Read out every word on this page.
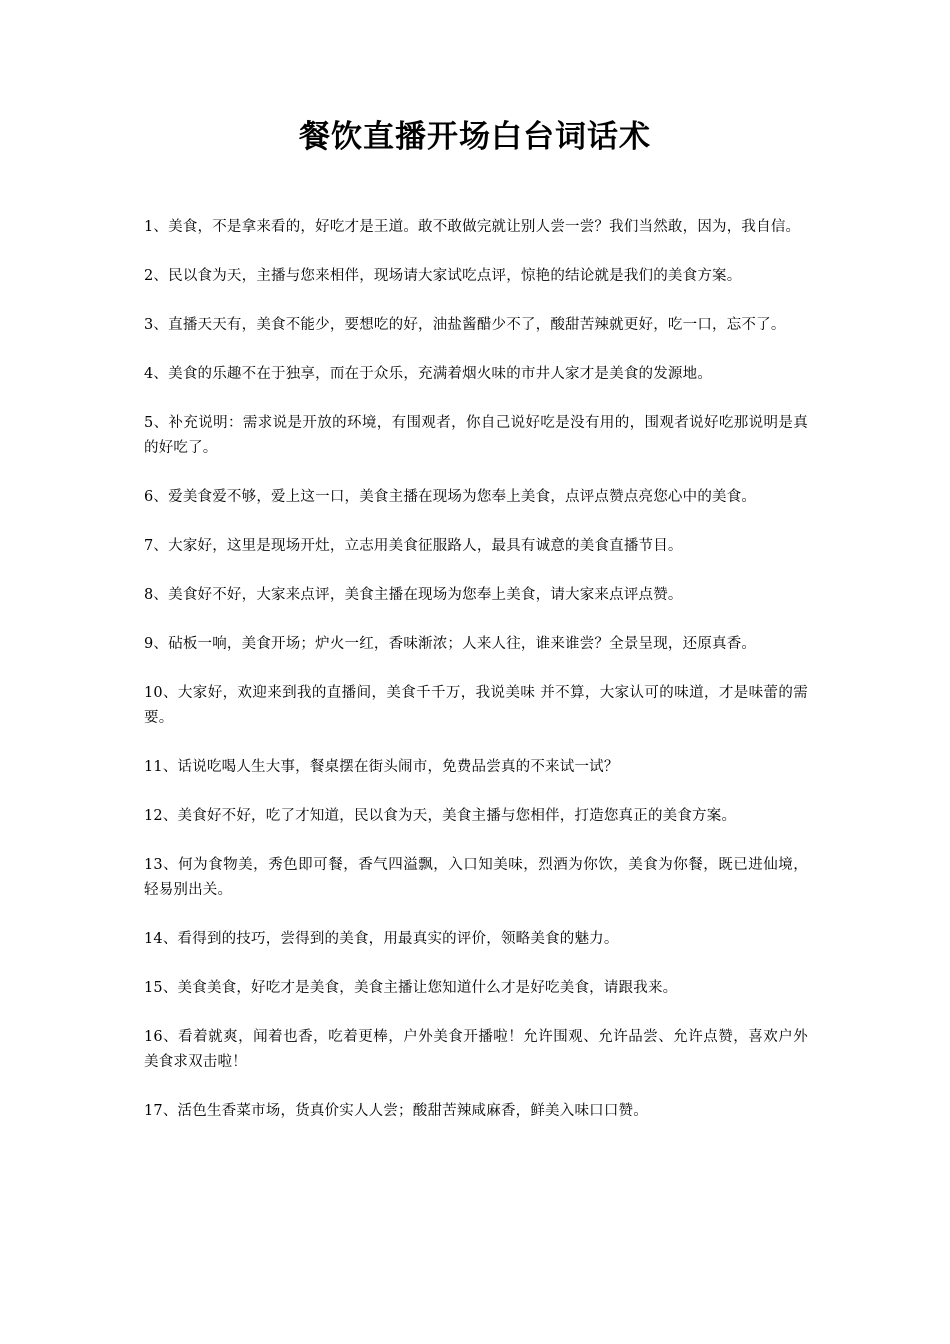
餐饮直播开场白台词话术
1、美食，不是拿来看的，好吃才是王道。敢不敢做完就让别人尝一尝？我们当然敢，因为，我自信。
2、民以食为天，主播与您来相伴，现场请大家试吃点评，惊艳的结论就是我们的美食方案。
3、直播天天有，美食不能少，要想吃的好，油盐酱醋少不了，酸甜苦辣就更好，吃一口，忘不了。
4、美食的乐趣不在于独享，而在于众乐，充满着烟火味的市井人家才是美食的发源地。
5、补充说明：需求说是开放的环境，有围观者，你自己说好吃是没有用的，围观者说好吃那说明是真的好吃了。
6、爱美食爱不够，爱上这一口，美食主播在现场为您奉上美食，点评点赞点亮您心中的美食。
7、大家好，这里是现场开灶，立志用美食征服路人，最具有诚意的美食直播节目。
8、美食好不好，大家来点评，美食主播在现场为您奉上美食，请大家来点评点赞。
9、砧板一响，美食开场；炉火一红，香味渐浓；人来人往，谁来谁尝？全景呈现，还原真香。
10、大家好，欢迎来到我的直播间，美食千千万，我说美味 并不算，大家认可的味道，才是味蕾的需要。
11、话说吃喝人生大事，餐桌摆在街头闹市，免费品尝真的不来试一试？
12、美食好不好，吃了才知道，民以食为天，美食主播与您相伴，打造您真正的美食方案。
13、何为食物美，秀色即可餐，香气四溢飘，入口知美味，烈酒为你饮，美食为你餐，既已进仙境，轻易别出关。
14、看得到的技巧，尝得到的美食，用最真实的评价，领略美食的魅力。
15、美食美食，好吃才是美食，美食主播让您知道什么才是好吃美食，请跟我来。
16、看着就爽，闻着也香，吃着更棒，户外美食开播啦！允许围观、允许品尝、允许点赞，喜欢户外美食求双击啦！
17、活色生香菜市场，货真价实人人尝；酸甜苦辣咸麻香，鲜美入味口口赞。
